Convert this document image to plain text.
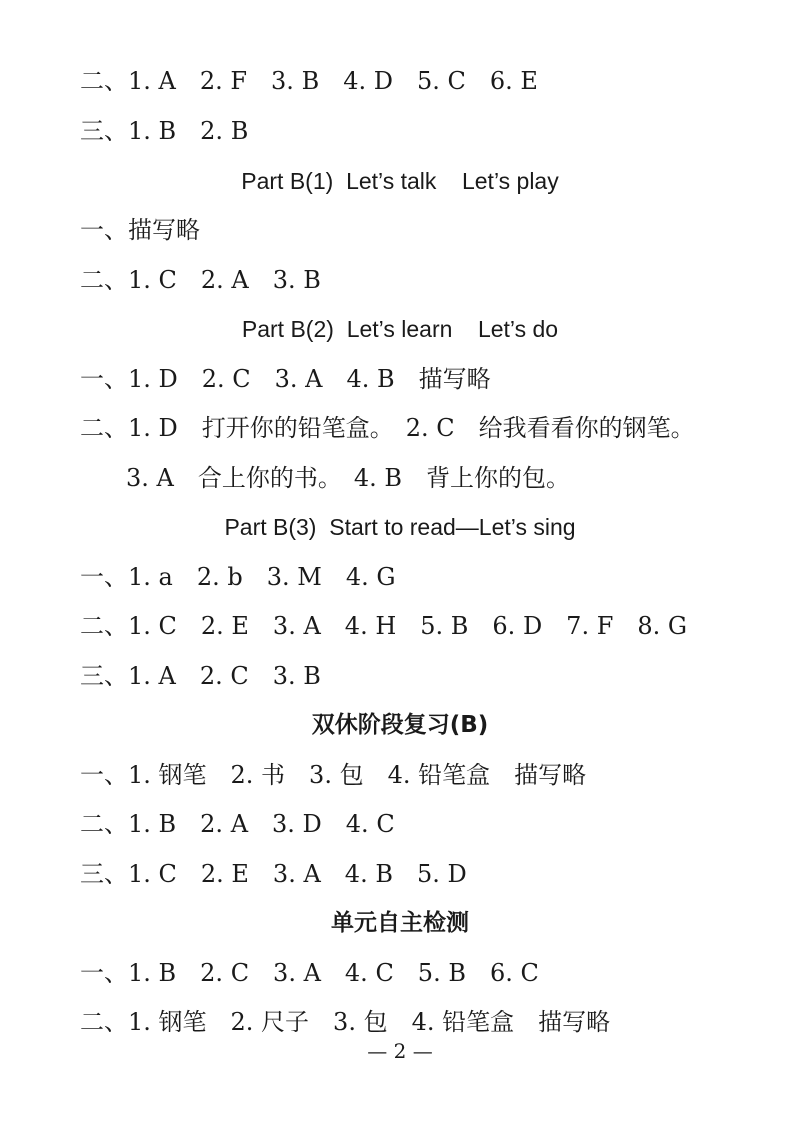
二、1. A　2. F　3. B　4. D　5. C　6. E
三、1. B　2. B
Part B(1)  Let’s talk    Let’s play
一、描写略
二、1. C　2. A　3. B
Part B(2)  Let’s learn    Let’s do
一、1. D　2. C　3. A　4. B　描写略
二、1. D　打开你的铅笔盒。　2. C　给我看看你的钢笔。
3. A　合上你的书。　4. B　背上你的包。
Part B(3)  Start to read—Let’s sing
一、1. a　2. b　3. M　4. G
二、1. C　2. E　3. A　4. H　5. B　6. D　7. F　8. G
三、1. A　2. C　3. B
双休阶段复习(B)
一、1. 钢笔　2. 书　3. 包　4. 铅笔盒　描写略
二、1. B　2. A　3. D　4. C
三、1. C　2. E　3. A　4. B　5. D
单元自主检测
一、1. B　2. C　3. A　4. C　5. B　6. C
二、1. 钢笔　2. 尺子　3. 包　4. 铅笔盒　描写略
— 2 —
